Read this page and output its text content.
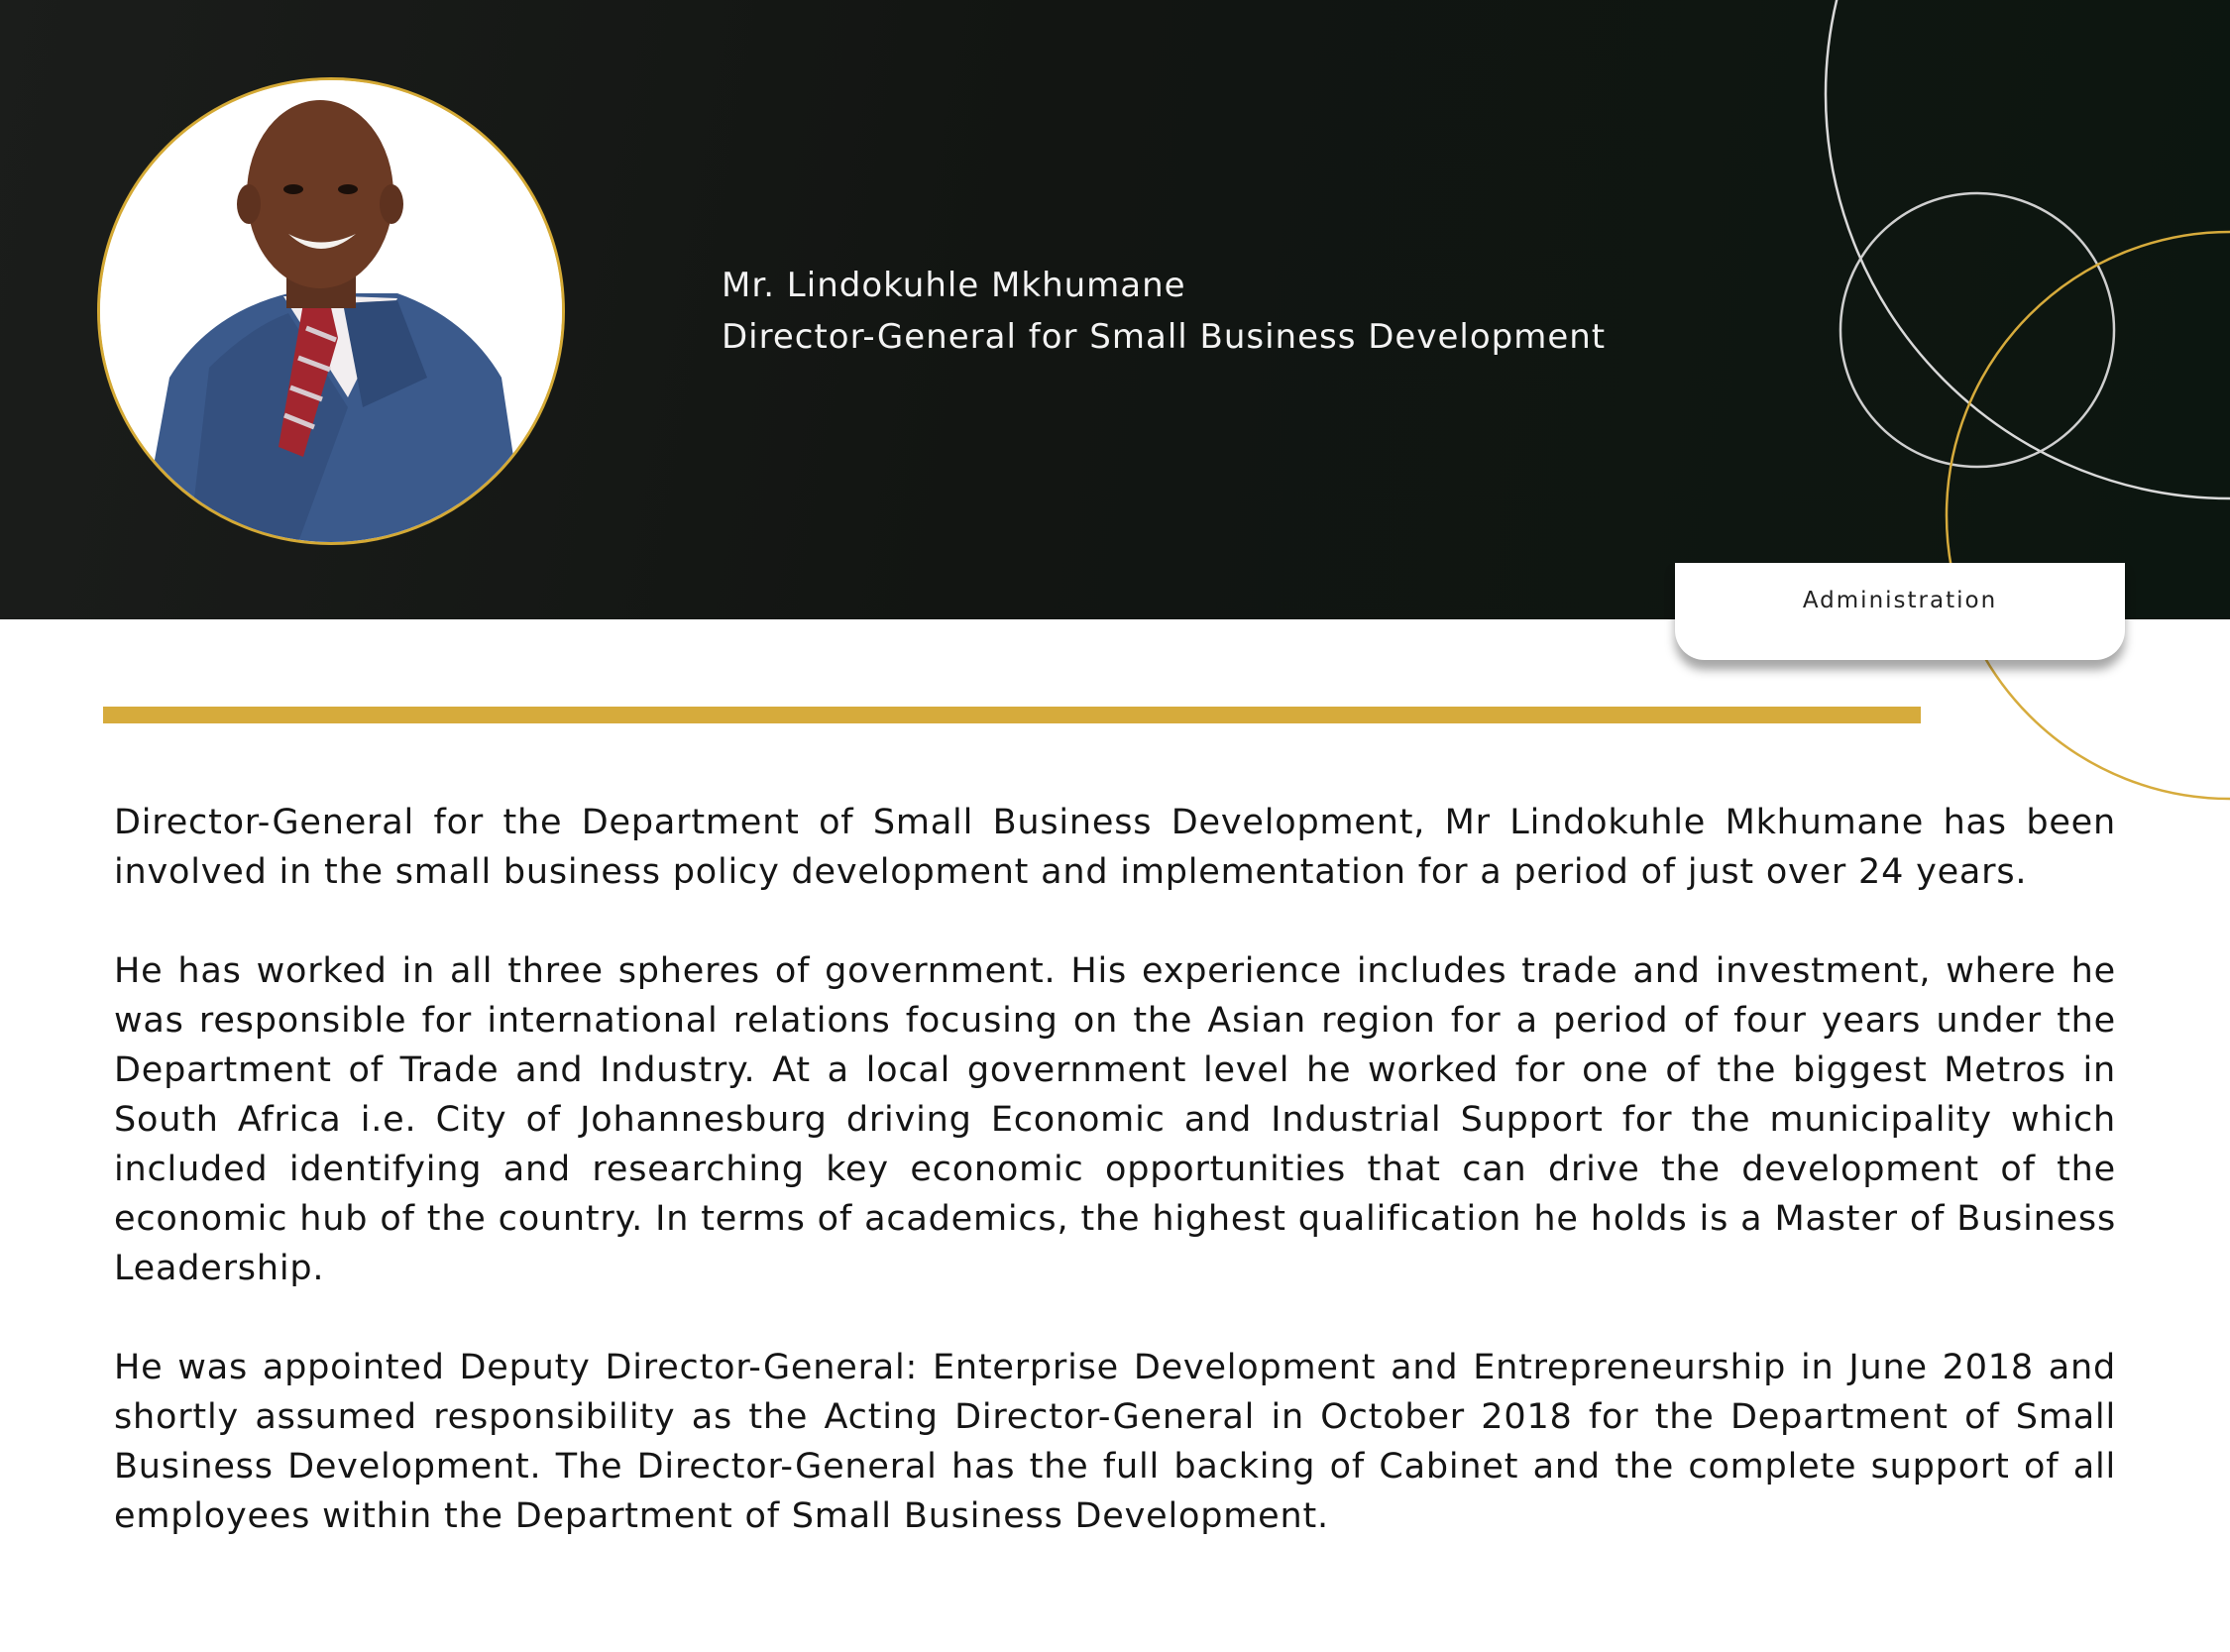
Mr. Lindokuhle Mkhumane
Director-General for Small Business Development
Administration

Director-General for the Department of Small Business Development, Mr Lindokuhle Mkhumane has been involved in the small business policy development and implementation for a period of just over 24 years.

He has worked in all three spheres of government. His experience includes trade and investment, where he was responsible for international relations focusing on the Asian region for a period of four years under the Department of Trade and Industry. At a local government level he worked for one of the biggest Metros in South Africa i.e. City of Johannesburg driving Economic and Industrial Support for the municipality which included identifying and researching key economic opportunities that can drive the development of the economic hub of the country. In terms of academics, the highest qualification he holds is a Master of Business Leadership.

He was appointed Deputy Director-General: Enterprise Development and Entrepreneurship in June 2018 and shortly assumed responsibility as the Acting Director-General in October 2018 for the Department of Small Business Development. The Director-General has the full backing of Cabinet and the complete support of all employees within the Department of Small Business Development.
